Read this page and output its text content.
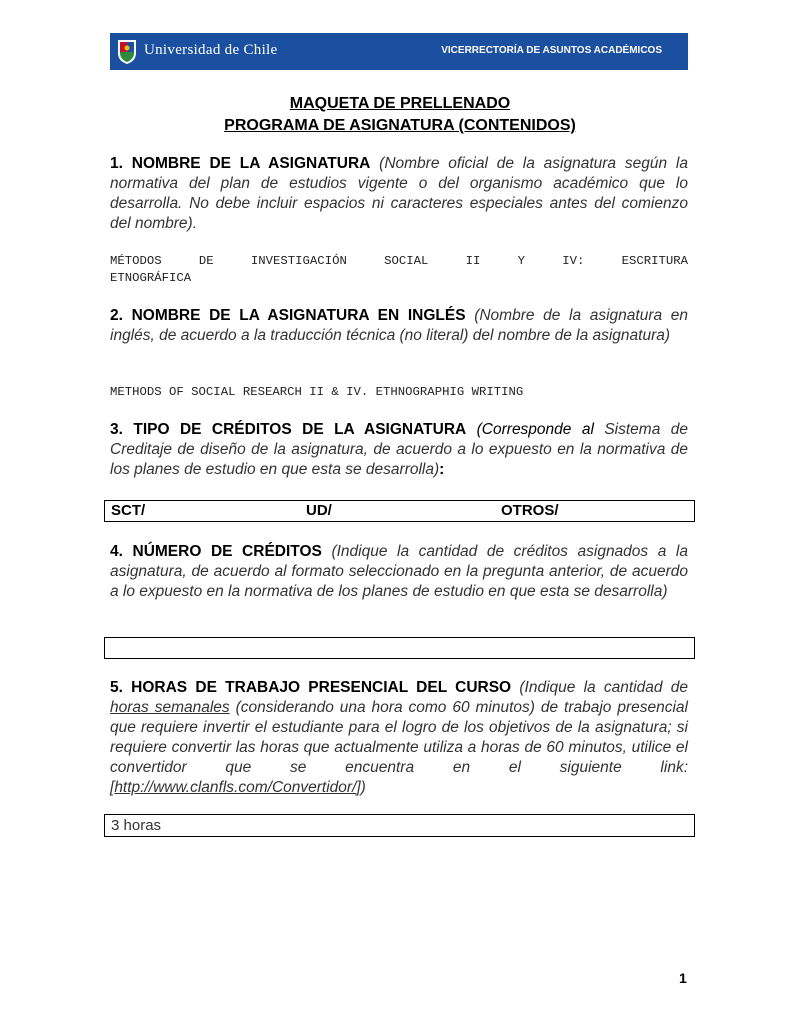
Universidad de Chile	VICERRECTORÍA DE ASUNTOS ACADÉMICOS
MAQUETA DE PRELLENADO
PROGRAMA DE ASIGNATURA (CONTENIDOS)
1. NOMBRE DE LA ASIGNATURA (Nombre oficial de la asignatura según la normativa del plan de estudios vigente o del organismo académico que lo desarrolla. No debe incluir espacios ni caracteres especiales antes del comienzo del nombre).
MÉTODOS DE INVESTIGACIÓN SOCIAL II Y IV: ESCRITURA
ETNOGRÁFICA
2. NOMBRE DE LA ASIGNATURA EN INGLÉS (Nombre de la asignatura en inglés, de acuerdo a la traducción técnica (no literal) del nombre de la asignatura)
METHODS OF SOCIAL RESEARCH II & IV. ETHNOGRAPHIG WRITING
3. TIPO DE CRÉDITOS DE LA ASIGNATURA (Corresponde al Sistema de Creditaje de diseño de la asignatura, de acuerdo a lo expuesto en la normativa de los planes de estudio en que esta se desarrolla):
SCT/	UD/	OTROS/
4. NÚMERO DE CRÉDITOS (Indique la cantidad de créditos asignados a la asignatura, de acuerdo al formato seleccionado en la pregunta anterior, de acuerdo a lo expuesto en la normativa de los planes de estudio en que esta se desarrolla)
5. HORAS DE TRABAJO PRESENCIAL DEL CURSO (Indique la cantidad de horas semanales (considerando una hora como 60 minutos) de trabajo presencial que requiere invertir el estudiante para el logro de los objetivos de la asignatura; si requiere convertir las horas que actualmente utiliza a horas de 60 minutos, utilice el convertidor que se encuentra en el siguiente link: [http://www.clanfls.com/Convertidor/])
3 horas
1
